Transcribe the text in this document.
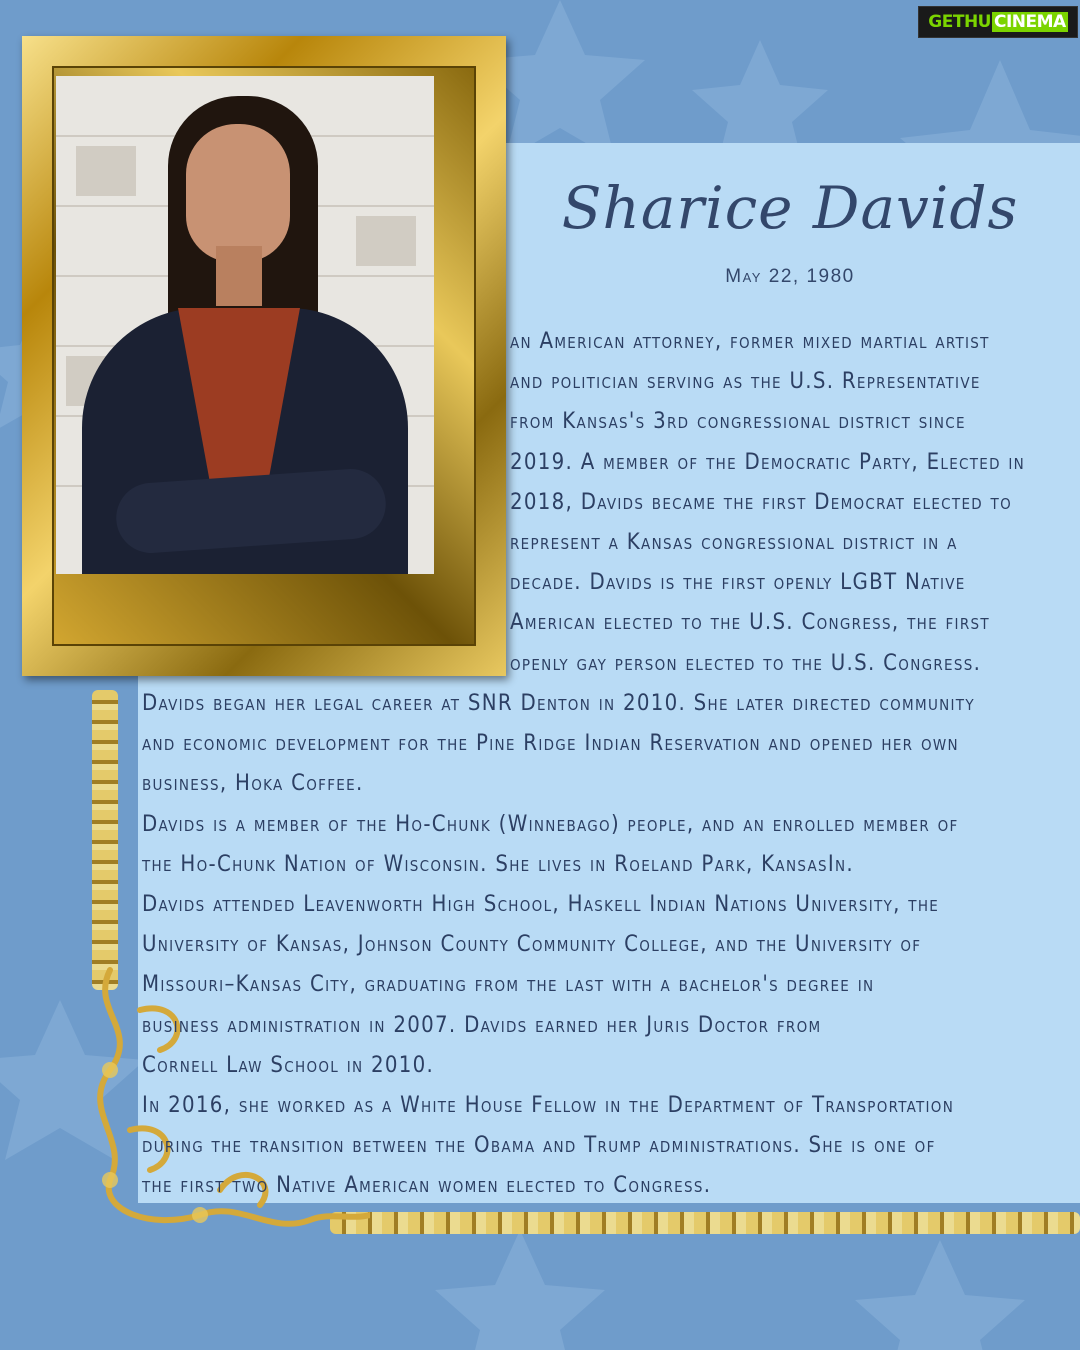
GETHU CINEMA
Sharice Davids
May 22, 1980
an American attorney, former mixed martial artist
and politician serving as the U.S. Representative
from Kansas's 3rd congressional district since
2019. A member of the Democratic Party, Elected in
2018, Davids became the first Democrat elected to
represent a Kansas congressional district in a
decade. Davids is the first openly LGBT Native
American elected to the U.S. Congress, the first
openly gay person elected to the U.S. Congress.
Davids began her legal career at SNR Denton in 2010. She later directed community
and economic development for the Pine Ridge Indian Reservation and opened her own
business, Hoka Coffee.
Davids is a member of the Ho-Chunk (Winnebago) people, and an enrolled member of
the Ho-Chunk Nation of Wisconsin. She lives in Roeland Park, KansasIn.
Davids attended Leavenworth High School, Haskell Indian Nations University, the
University of Kansas, Johnson County Community College, and the University of
Missouri–Kansas City, graduating from the last with a bachelor's degree in
business administration in 2007. Davids earned her Juris Doctor from
Cornell Law School in 2010.
In 2016, she worked as a White House Fellow in the Department of Transportation
during the transition between the Obama and Trump administrations. She is one of
the first two Native American women elected to Congress.
